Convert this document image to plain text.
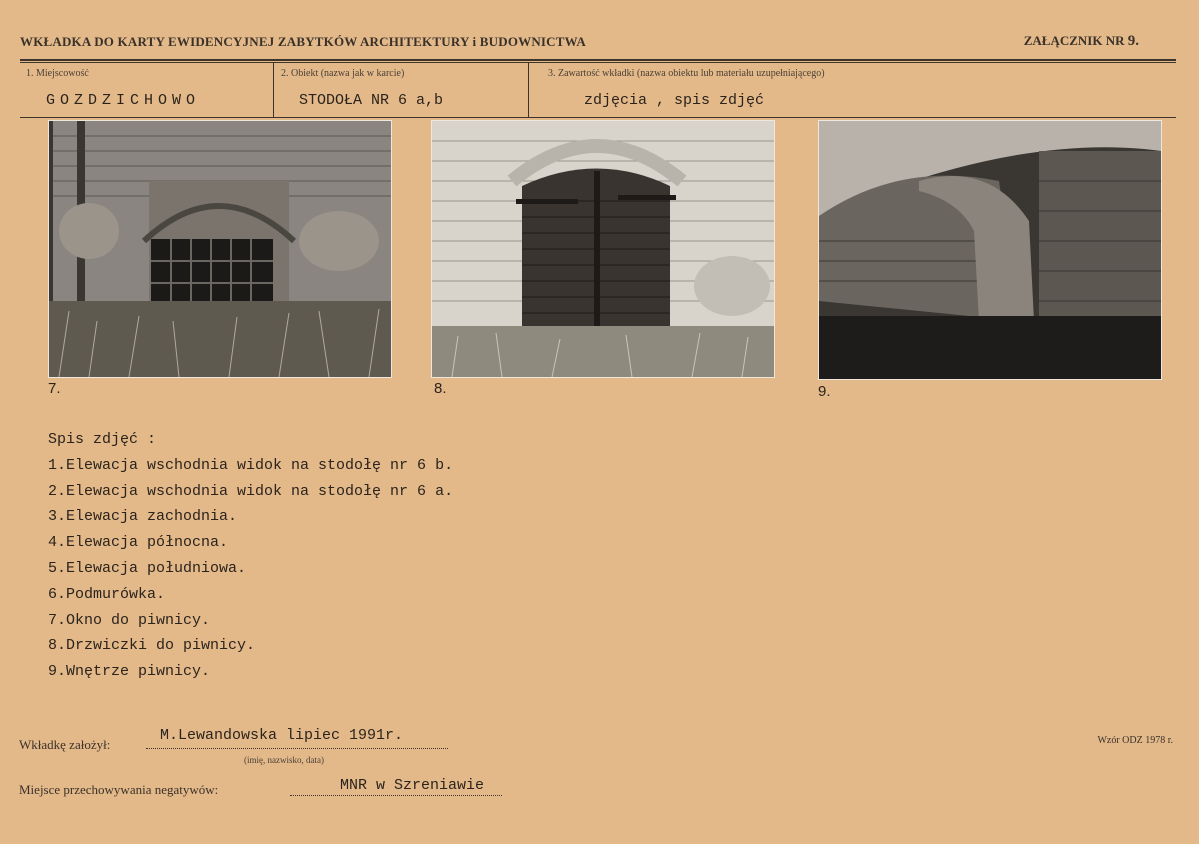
WKŁADKA DO KARTY EWIDENCYJNEJ ZABYTKÓW ARCHITEKTURY i BUDOWNICTWA	ZAŁĄCZNIK NR 9.
1. Miejscowość
GOZDZICHOWO
2. Obiekt (nazwa jak w karcie)
STODOŁA NR 6 a,b
3. Zawartość wkładki (nazwa obiektu lub materiału uzupełniającego)
zdjęcia , spis zdjęć
7.	8.	9.
Spis zdjęć :
1.Elewacja wschodnia widok na stodołę nr 6 b.
2.Elewacja wschodnia widok na stodołę nr 6 a.
3.Elewacja zachodnia.
4.Elewacja północna.
5.Elewacja południowa.
6.Podmurówka.
7.Okno do piwnicy.
8.Drzwiczki do piwnicy.
9.Wnętrze piwnicy.
Wkładkę założył:
M.Lewandowska lipiec 1991r.
(imię, nazwisko, data)
Miejsce przechowywania negatywów:	MNR w Szreniawie
Wzór ODZ 1978 r.
